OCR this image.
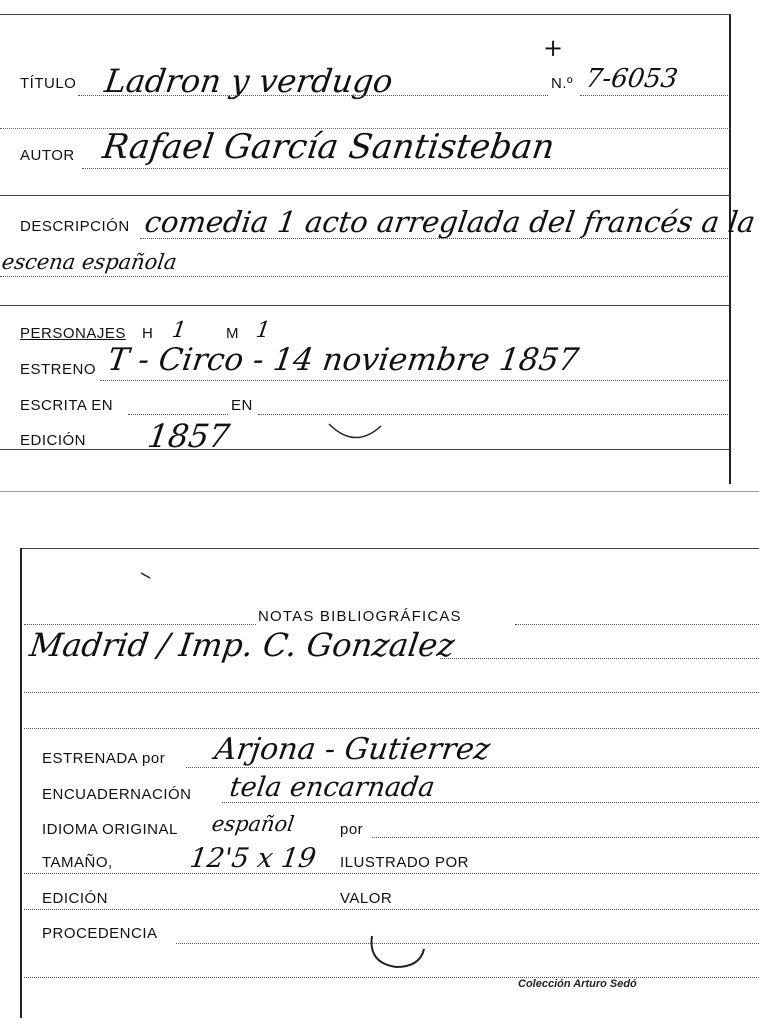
+
TÍTULO Ladron y verdugo	N.º 7-6053
AUTOR Rafael García Santisteban
DESCRIPCIÓN comedia 1 acto arreglada del francés a la
escena española
PERSONAJES H 1	M 1
ESTRENO T - Circo - 14 noviembre 1857
ESCRITA EN	EN
EDICIÓN 1857
NOTAS BIBLIOGRÁFICAS
Madrid / Imp. C. Gonzalez
ESTRENADA por Arjona - Gutierrez
ENCUADERNACIÓN tela encarnada
IDIOMA ORIGINAL español	por
TAMAÑO,	12'5 x 19 ILUSTRADO POR
EDICIÓN	VALOR
PROCEDENCIA
Colección Arturo Sedó
